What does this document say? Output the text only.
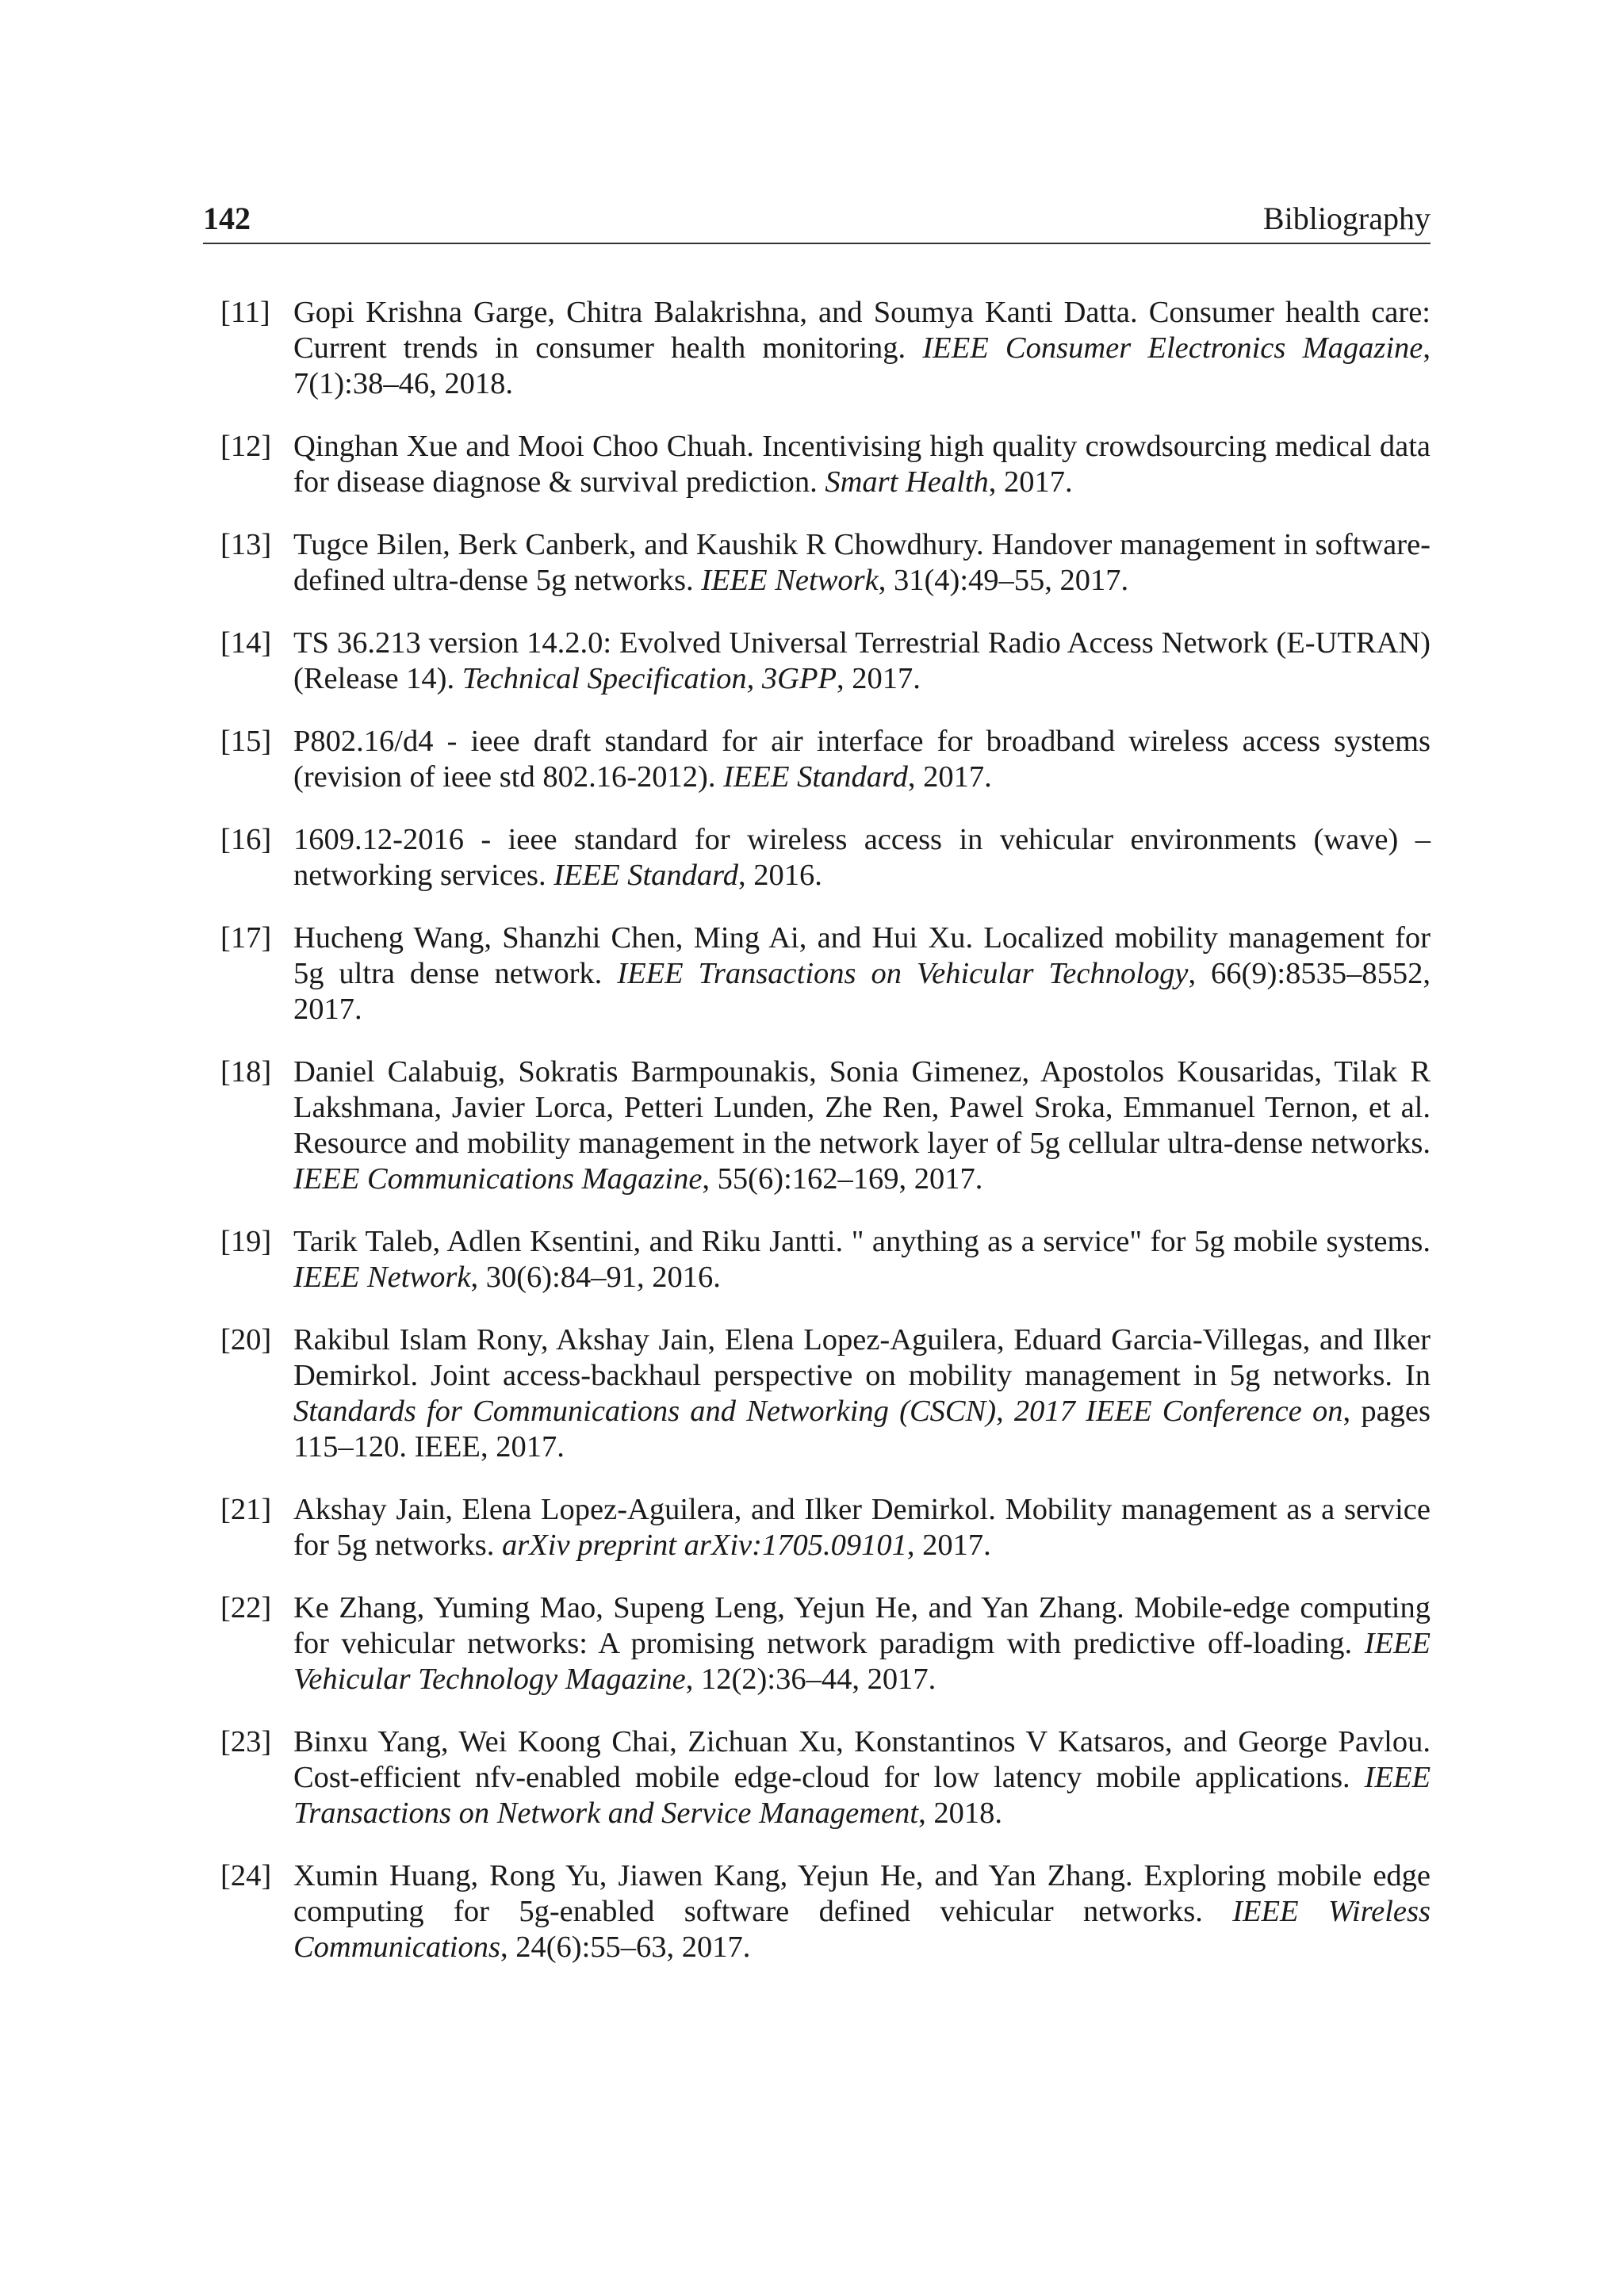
142	Bibliography
[11] Gopi Krishna Garge, Chitra Balakrishna, and Soumya Kanti Datta. Consumer health care: Current trends in consumer health monitoring. IEEE Consumer Electronics Magazine, 7(1):38–46, 2018.
[12] Qinghan Xue and Mooi Choo Chuah. Incentivising high quality crowdsourcing medical data for disease diagnose & survival prediction. Smart Health, 2017.
[13] Tugce Bilen, Berk Canberk, and Kaushik R Chowdhury. Handover management in software-defined ultra-dense 5g networks. IEEE Network, 31(4):49–55, 2017.
[14] TS 36.213 version 14.2.0: Evolved Universal Terrestrial Radio Access Network (E-UTRAN) (Release 14). Technical Specification, 3GPP, 2017.
[15] P802.16/d4 - ieee draft standard for air interface for broadband wireless access systems (revision of ieee std 802.16-2012). IEEE Standard, 2017.
[16] 1609.12-2016 - ieee standard for wireless access in vehicular environments (wave) – networking services. IEEE Standard, 2016.
[17] Hucheng Wang, Shanzhi Chen, Ming Ai, and Hui Xu. Localized mobility management for 5g ultra dense network. IEEE Transactions on Vehicular Technology, 66(9):8535–8552, 2017.
[18] Daniel Calabuig, Sokratis Barmpounakis, Sonia Gimenez, Apostolos Kousaridas, Tilak R Lakshmana, Javier Lorca, Petteri Lunden, Zhe Ren, Pawel Sroka, Emmanuel Ternon, et al. Resource and mobility management in the network layer of 5g cellular ultra-dense networks. IEEE Communications Magazine, 55(6):162–169, 2017.
[19] Tarik Taleb, Adlen Ksentini, and Riku Jantti. " anything as a service" for 5g mobile systems. IEEE Network, 30(6):84–91, 2016.
[20] Rakibul Islam Rony, Akshay Jain, Elena Lopez-Aguilera, Eduard Garcia-Villegas, and Ilker Demirkol. Joint access-backhaul perspective on mobility management in 5g networks. In Standards for Communications and Networking (CSCN), 2017 IEEE Conference on, pages 115–120. IEEE, 2017.
[21] Akshay Jain, Elena Lopez-Aguilera, and Ilker Demirkol. Mobility management as a service for 5g networks. arXiv preprint arXiv:1705.09101, 2017.
[22] Ke Zhang, Yuming Mao, Supeng Leng, Yejun He, and Yan Zhang. Mobile-edge computing for vehicular networks: A promising network paradigm with predictive off-loading. IEEE Vehicular Technology Magazine, 12(2):36–44, 2017.
[23] Binxu Yang, Wei Koong Chai, Zichuan Xu, Konstantinos V Katsaros, and George Pavlou. Cost-efficient nfv-enabled mobile edge-cloud for low latency mobile applications. IEEE Transactions on Network and Service Management, 2018.
[24] Xumin Huang, Rong Yu, Jiawen Kang, Yejun He, and Yan Zhang. Exploring mobile edge computing for 5g-enabled software defined vehicular networks. IEEE Wireless Communications, 24(6):55–63, 2017.
